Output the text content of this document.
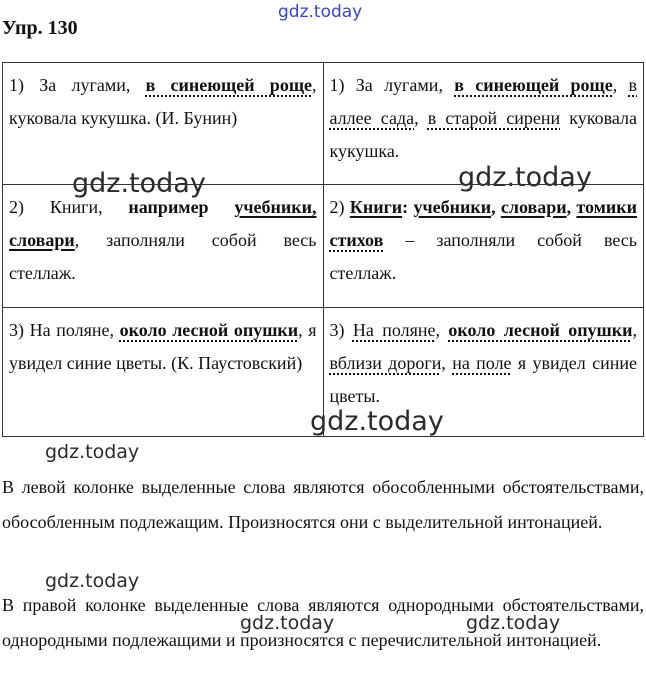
gdz.today
gdz.today	gdz.today
gdz.today
gdz.today
gdz.today
gdz.today	gdz.today
Упр. 130
1) За лугами, в синеющей роще, куковала кукушка. (И. Бунин)	1) За лугами, в синеющей роще, в аллее сада, в старой сирени куковала кукушка.
2) Книги, например учебники, словари, заполняли собой весь стеллаж.	2) Книги: учебники, словари, томики стихов – заполняли собой весь стеллаж.
3) На поляне, около лесной опушки, я увидел синие цветы. (К. Паустовский)	3) На поляне, около лесной опушки, вблизи дороги, на поле я увидел синие цветы.
В левой колонке выделенные слова являются обособленными обстоятельствами, обособленным подлежащим. Произносятся они с выделительной интонацией.
В правой колонке выделенные слова являются однородными обстоятельствами, однородными подлежащими и произносятся с перечислительной интонацией.
